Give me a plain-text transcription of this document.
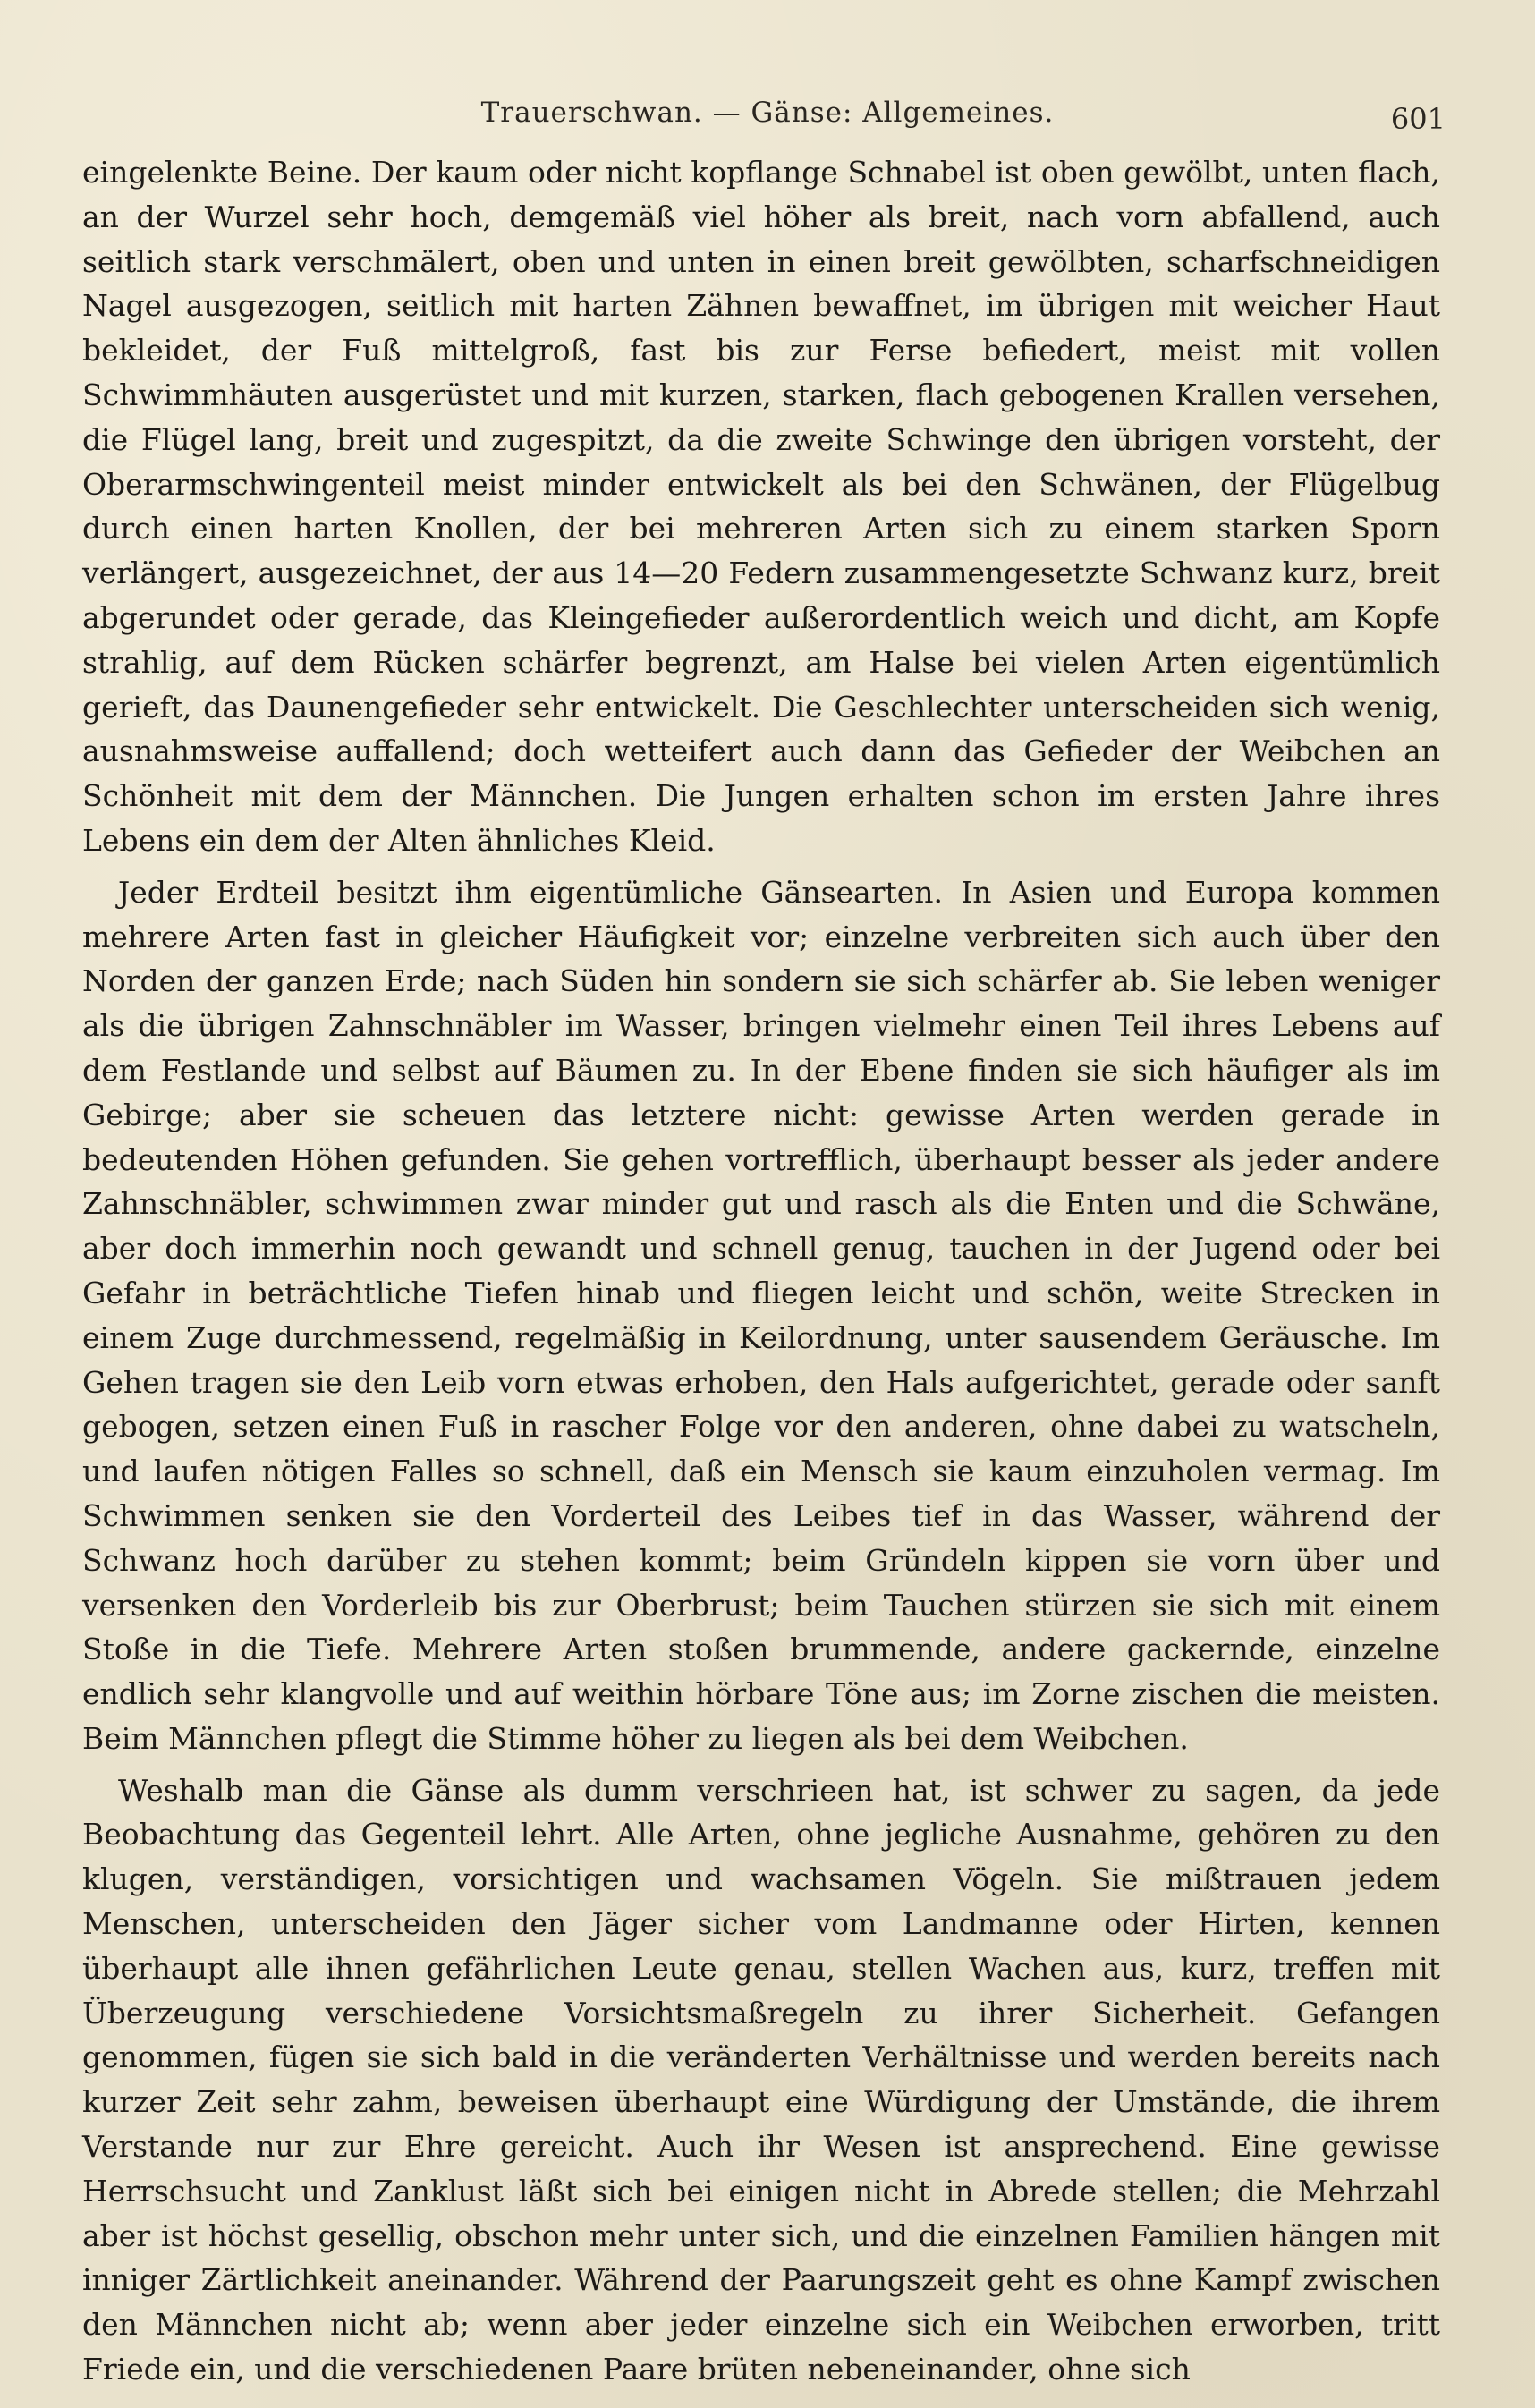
Trauerschwan. — Gänse: Allgemeines.	601

eingelenkte Beine. Der kaum oder nicht kopflange Schnabel ist oben gewölbt, unten flach, an der Wurzel sehr hoch, demgemäß viel höher als breit, nach vorn abfallend, auch seitlich stark verschmälert, oben und unten in einen breit gewölbten, scharfschneidigen Nagel ausgezogen, seitlich mit harten Zähnen bewaffnet, im übrigen mit weicher Haut bekleidet, der Fuß mittelgroß, fast bis zur Ferse befiedert, meist mit vollen Schwimmhäuten ausgerüstet und mit kurzen, starken, flach gebogenen Krallen versehen, die Flügel lang, breit und zugespitzt, da die zweite Schwinge den übrigen vorsteht, der Oberarmschwingenteil meist minder entwickelt als bei den Schwänen, der Flügelbug durch einen harten Knollen, der bei mehreren Arten sich zu einem starken Sporn verlängert, ausgezeichnet, der aus 14—20 Federn zusammengesetzte Schwanz kurz, breit abgerundet oder gerade, das Kleingefieder außerordentlich weich und dicht, am Kopfe strahlig, auf dem Rücken schärfer begrenzt, am Halse bei vielen Arten eigentümlich gerieft, das Daunengefieder sehr entwickelt. Die Geschlechter unterscheiden sich wenig, ausnahmsweise auffallend; doch wetteifert auch dann das Gefieder der Weibchen an Schönheit mit dem der Männchen. Die Jungen erhalten schon im ersten Jahre ihres Lebens ein dem der Alten ähnliches Kleid.

Jeder Erdteil besitzt ihm eigentümliche Gänsearten. In Asien und Europa kommen mehrere Arten fast in gleicher Häufigkeit vor; einzelne verbreiten sich auch über den Norden der ganzen Erde; nach Süden hin sondern sie sich schärfer ab. Sie leben weniger als die übrigen Zahnschnäbler im Wasser, bringen vielmehr einen Teil ihres Lebens auf dem Festlande und selbst auf Bäumen zu. In der Ebene finden sie sich häufiger als im Gebirge; aber sie scheuen das letztere nicht: gewisse Arten werden gerade in bedeutenden Höhen gefunden. Sie gehen vortrefflich, überhaupt besser als jeder andere Zahnschnäbler, schwimmen zwar minder gut und rasch als die Enten und die Schwäne, aber doch immerhin noch gewandt und schnell genug, tauchen in der Jugend oder bei Gefahr in beträchtliche Tiefen hinab und fliegen leicht und schön, weite Strecken in einem Zuge durchmessend, regelmäßig in Keilordnung, unter sausendem Geräusche. Im Gehen tragen sie den Leib vorn etwas erhoben, den Hals aufgerichtet, gerade oder sanft gebogen, setzen einen Fuß in rascher Folge vor den anderen, ohne dabei zu watscheln, und laufen nötigen Falles so schnell, daß ein Mensch sie kaum einzuholen vermag. Im Schwimmen senken sie den Vorderteil des Leibes tief in das Wasser, während der Schwanz hoch darüber zu stehen kommt; beim Gründeln kippen sie vorn über und versenken den Vorderleib bis zur Oberbrust; beim Tauchen stürzen sie sich mit einem Stoße in die Tiefe. Mehrere Arten stoßen brummende, andere gackernde, einzelne endlich sehr klangvolle und auf weithin hörbare Töne aus; im Zorne zischen die meisten. Beim Männchen pflegt die Stimme höher zu liegen als bei dem Weibchen.

Weshalb man die Gänse als dumm verschrieen hat, ist schwer zu sagen, da jede Beobachtung das Gegenteil lehrt. Alle Arten, ohne jegliche Ausnahme, gehören zu den klugen, verständigen, vorsichtigen und wachsamen Vögeln. Sie mißtrauen jedem Menschen, unterscheiden den Jäger sicher vom Landmanne oder Hirten, kennen überhaupt alle ihnen gefährlichen Leute genau, stellen Wachen aus, kurz, treffen mit Überzeugung verschiedene Vorsichtsmaßregeln zu ihrer Sicherheit. Gefangen genommen, fügen sie sich bald in die veränderten Verhältnisse und werden bereits nach kurzer Zeit sehr zahm, beweisen überhaupt eine Würdigung der Umstände, die ihrem Verstande nur zur Ehre gereicht. Auch ihr Wesen ist ansprechend. Eine gewisse Herrschsucht und Zanklust läßt sich bei einigen nicht in Abrede stellen; die Mehrzahl aber ist höchst gesellig, obschon mehr unter sich, und die einzelnen Familien hängen mit inniger Zärtlichkeit aneinander. Während der Paarungszeit geht es ohne Kampf zwischen den Männchen nicht ab; wenn aber jeder einzelne sich ein Weibchen erworben, tritt Friede ein, und die verschiedenen Paare brüten nebeneinander, ohne sich
